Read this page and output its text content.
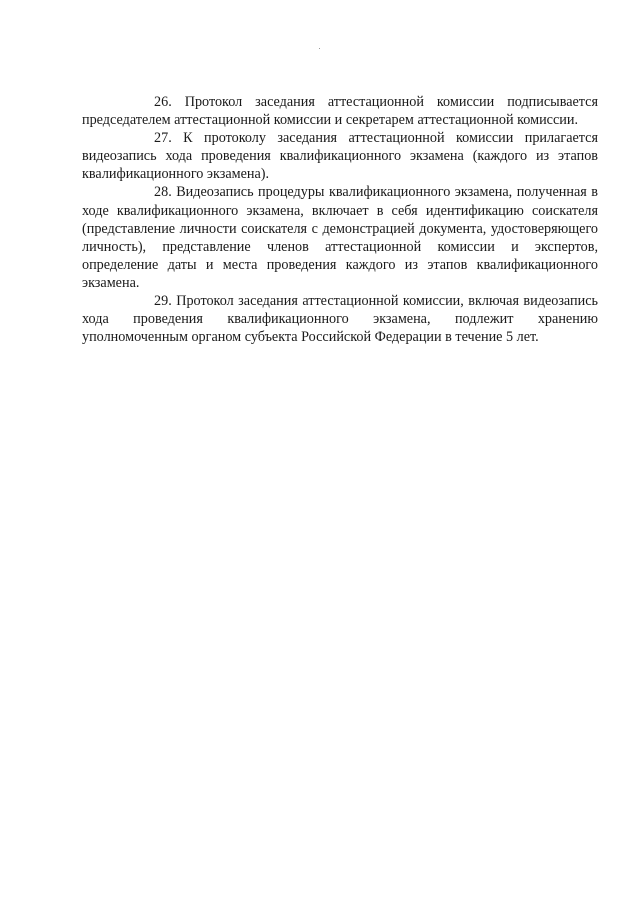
26. Протокол заседания аттестационной комиссии подписывается председателем аттестационной комиссии и секретарем аттестационной комиссии.

27. К протоколу заседания аттестационной комиссии прилагается видеозапись хода проведения квалификационного экзамена (каждого из этапов квалификационного экзамена).

28. Видеозапись процедуры квалификационного экзамена, полученная в ходе квалификационного экзамена, включает в себя идентификацию соискателя (представление личности соискателя с демонстрацией документа, удостоверяющего личность), представление членов аттестационной комиссии и экспертов, определение даты и места проведения каждого из этапов квалификационного экзамена.

29. Протокол заседания аттестационной комиссии, включая видеозапись хода проведения квалификационного экзамена, подлежит хранению уполномоченным органом субъекта Российской Федерации в течение 5 лет.
